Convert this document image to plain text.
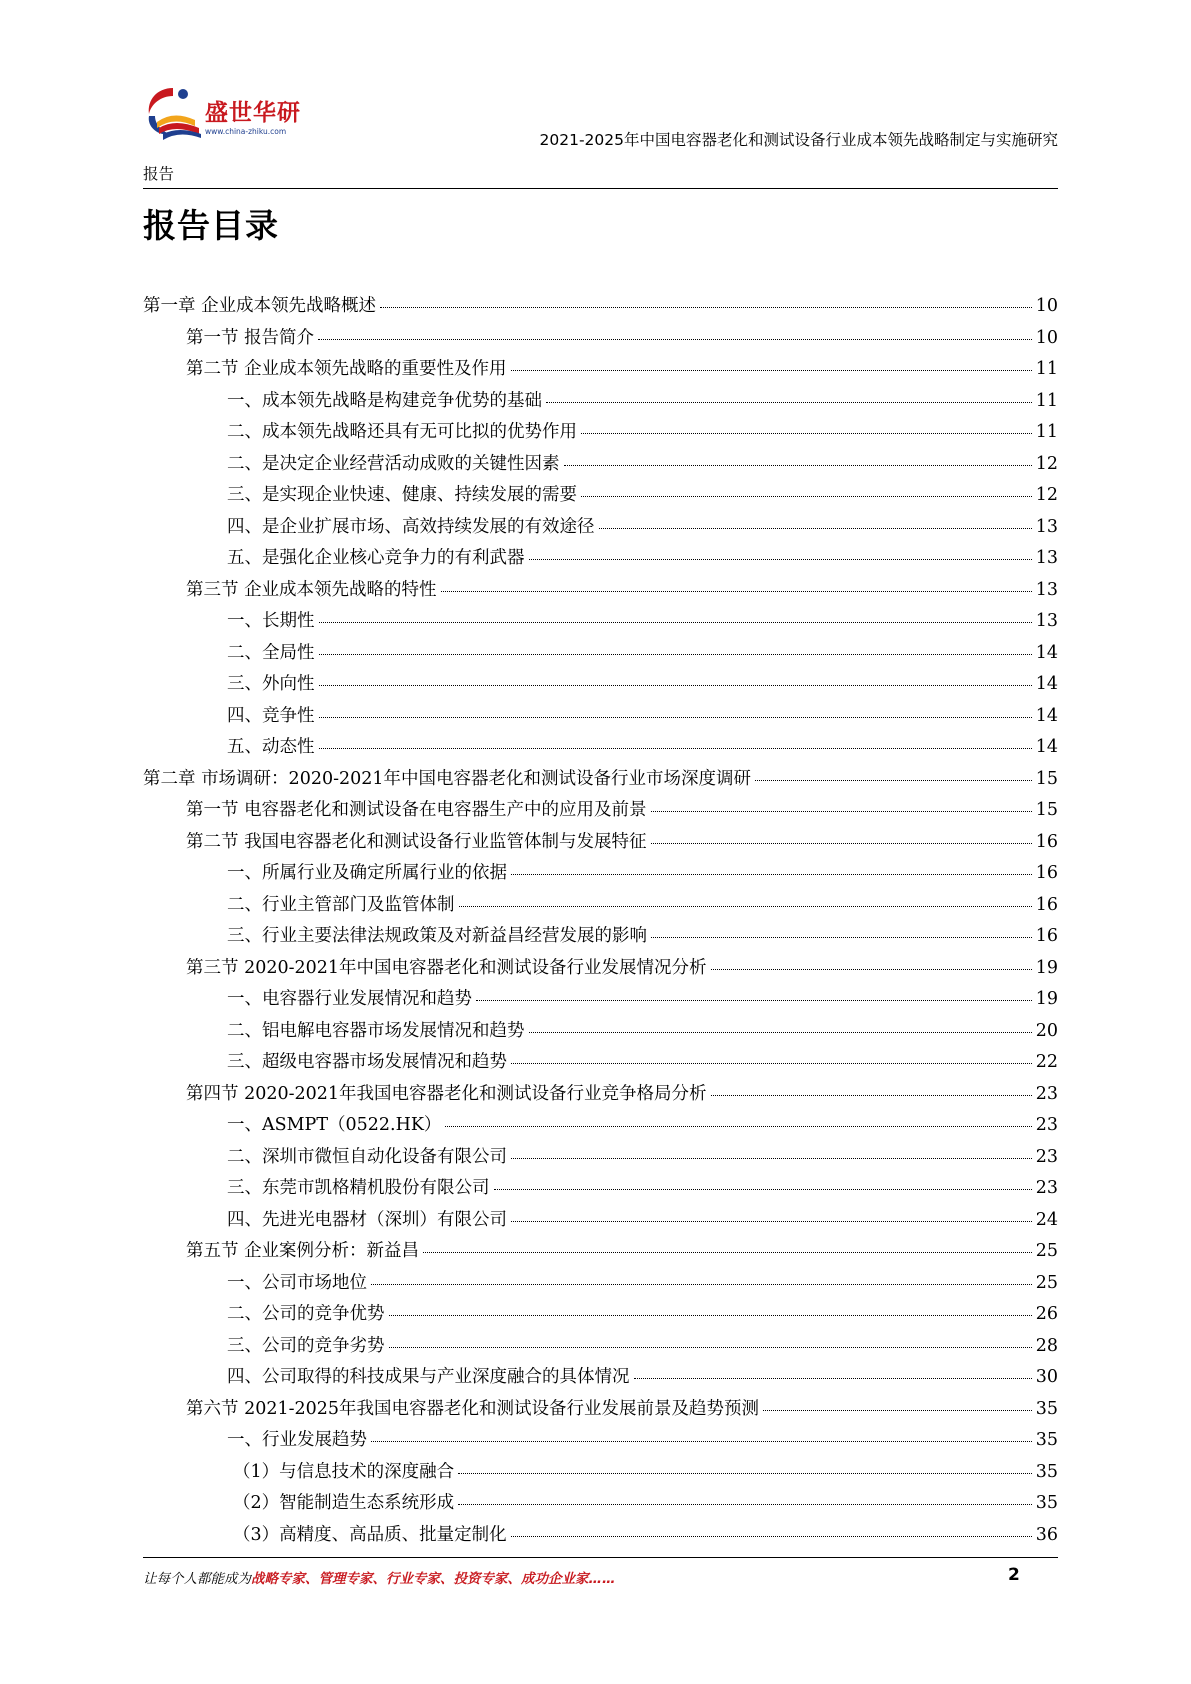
盛世华研
www.china-zhiku.com	2021-2025年中国电容器老化和测试设备行业成本领先战略制定与实施研究
报告
报告目录
第一章 企业成本领先战略概述	10
第一节 报告简介	10
第二节 企业成本领先战略的重要性及作用	11
一、成本领先战略是构建竞争优势的基础	11
二、成本领先战略还具有无可比拟的优势作用	11
二、是决定企业经营活动成败的关键性因素	12
三、是实现企业快速、健康、持续发展的需要	12
四、是企业扩展市场、高效持续发展的有效途径	13
五、是强化企业核心竞争力的有利武器	13
第三节 企业成本领先战略的特性	13
一、长期性	13
二、全局性	14
三、外向性	14
四、竞争性	14
五、动态性	14
第二章 市场调研：2020-2021年中国电容器老化和测试设备行业市场深度调研	15
第一节 电容器老化和测试设备在电容器生产中的应用及前景	15
第二节 我国电容器老化和测试设备行业监管体制与发展特征	16
一、所属行业及确定所属行业的依据	16
二、行业主管部门及监管体制	16
三、行业主要法律法规政策及对新益昌经营发展的影响	16
第三节 2020-2021年中国电容器老化和测试设备行业发展情况分析	19
一、电容器行业发展情况和趋势	19
二、铝电解电容器市场发展情况和趋势	20
三、超级电容器市场发展情况和趋势	22
第四节 2020-2021年我国电容器老化和测试设备行业竞争格局分析	23
一、ASMPT（0522.HK）	23
二、深圳市微恒自动化设备有限公司	23
三、东莞市凯格精机股份有限公司	23
四、先进光电器材（深圳）有限公司	24
第五节 企业案例分析：新益昌	25
一、公司市场地位	25
二、公司的竞争优势	26
三、公司的竞争劣势	28
四、公司取得的科技成果与产业深度融合的具体情况	30
第六节 2021-2025年我国电容器老化和测试设备行业发展前景及趋势预测	35
一、行业发展趋势	35
（1）与信息技术的深度融合	35
（2）智能制造生态系统形成	35
（3）高精度、高品质、批量定制化	36
让每个人都能成为战略专家、管理专家、行业专家、投资专家、成功企业家……	2
